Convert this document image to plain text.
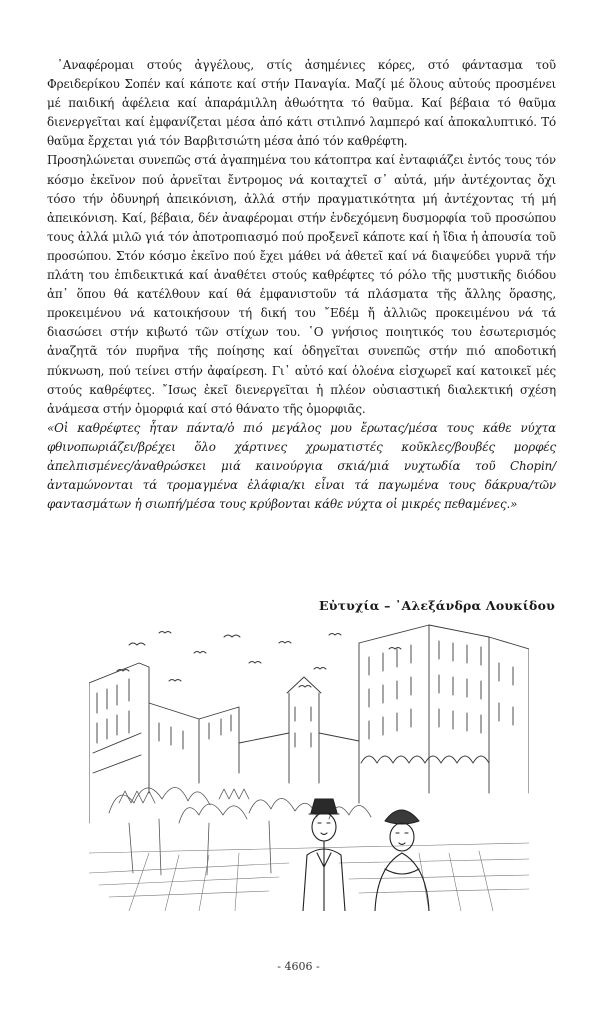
᾿Αναφέρομαι στούς ἀγγέλους, στίς ἀσημένιες κόρες, στό φάντασμα τοῦ Φρειδερίκου Σοπέν καί κάποτε καί στήν Παναγία. Μαζί μέ ὅλους αὐτούς προσμένει μέ παιδική ἀφέλεια καί ἀπαράμιλλη ἀθωότητα τό θαῦμα. Καί βέβαια τό θαῦμα διενεργεῖται καί ἐμφανίζεται μέσα ἀπό κάτι στιλπνό λαμπερό καί ἀποκαλυπτικό. Τό θαῦμα ἔρχεται γιά τόν Βαρβιτσιώτη μέσα ἀπό τόν καθρέφτη.

Προσηλώνεται συνεπῶς στά ἀγαπημένα του κάτοπτρα καί ἐνταφιάζει ἐντός τους τόν κόσμο ἐκεῖνον πού ἀρνεῖται ἔντρομος νά κοιταχτεῖ σ᾿ αὐτά, μήν ἀντέχοντας ὄχι τόσο τήν ὀδυνηρή ἀπεικόνιση, ἀλλά στήν πραγματικότητα μή ἀντέχοντας τή μή ἀπεικόνιση. Καί, βέβαια, δέν ἀναφέρομαι στήν ἐνδεχόμενη δυσμορφία τοῦ προσώπου τους ἀλλά μιλῶ γιά τόν ἀποτροπιασμό πού προξενεῖ κάποτε καί ἡ ἴδια ἡ ἀπουσία τοῦ προσώπου. Στόν κόσμο ἐκεῖνο πού ἔχει μάθει νά ἀθετεῖ καί νά διαψεύδει γυρνᾶ τήν πλάτη του ἐπιδεικτικά καί ἀναθέτει στούς καθρέφτες τό ρόλο τῆς μυστικῆς διόδου ἀπ᾿ ὅπου θά κατέλθουν καί θά ἐμφανιστοῦν τά πλάσματα τῆς ἄλλης ὅρασης, προκειμένου νά κατοικήσουν τή δική του ῎Εδέμ ἤ ἀλλιῶς προκειμένου νά τά διασώσει στήν κιβωτό τῶν στίχων του. ῾Ο γνήσιος ποιητικός του ἐσωτερισμός ἀναζητᾶ τόν πυρῆνα τῆς ποίησης καί ὁδηγεῖται συνεπῶς στήν πιό αποδοτική πύκνωση, πού τείνει στήν ἀφαίρεση. Γι᾿ αὐτό καί ὁλοένα εἰσχωρεῖ καί κατοικεῖ μές στούς καθρέφτες. ῎Ισως ἐκεῖ διενεργεῖται ἡ πλέον οὐσιαστική διαλεκτική σχέση ἀνάμεσα στήν ὀμορφιά καί στό θάνατο τῆς ὀμορφιᾶς.

«Οἱ καθρέφτες ἦταν πάντα/ὁ πιό μεγάλος μου ἔρωτας/μέσα τους κάθε νύχτα φθινοπωριάζει/βρέχει ὅλο χάρτινες χρωματιστές κοῦκλες/βουβές μορφές ἀπελπισμένες/ἀναθρώσκει μιά καινούργια σκιά/μιά νυχτωδία τοῦ Chopin/ ἀνταμώνονται τά τρομαγμένα ἐλάφια/κι εἶναι τά παγωμένα τους δάκρυα/τῶν φαντασμάτων ἡ σιωπή/μέσα τους κρύβονται κάθε νύχτα οἱ μικρές πεθαμένες.»

Εὐτυχία – ᾿Αλεξάνδρα Λουκίδου
- 4606 -
